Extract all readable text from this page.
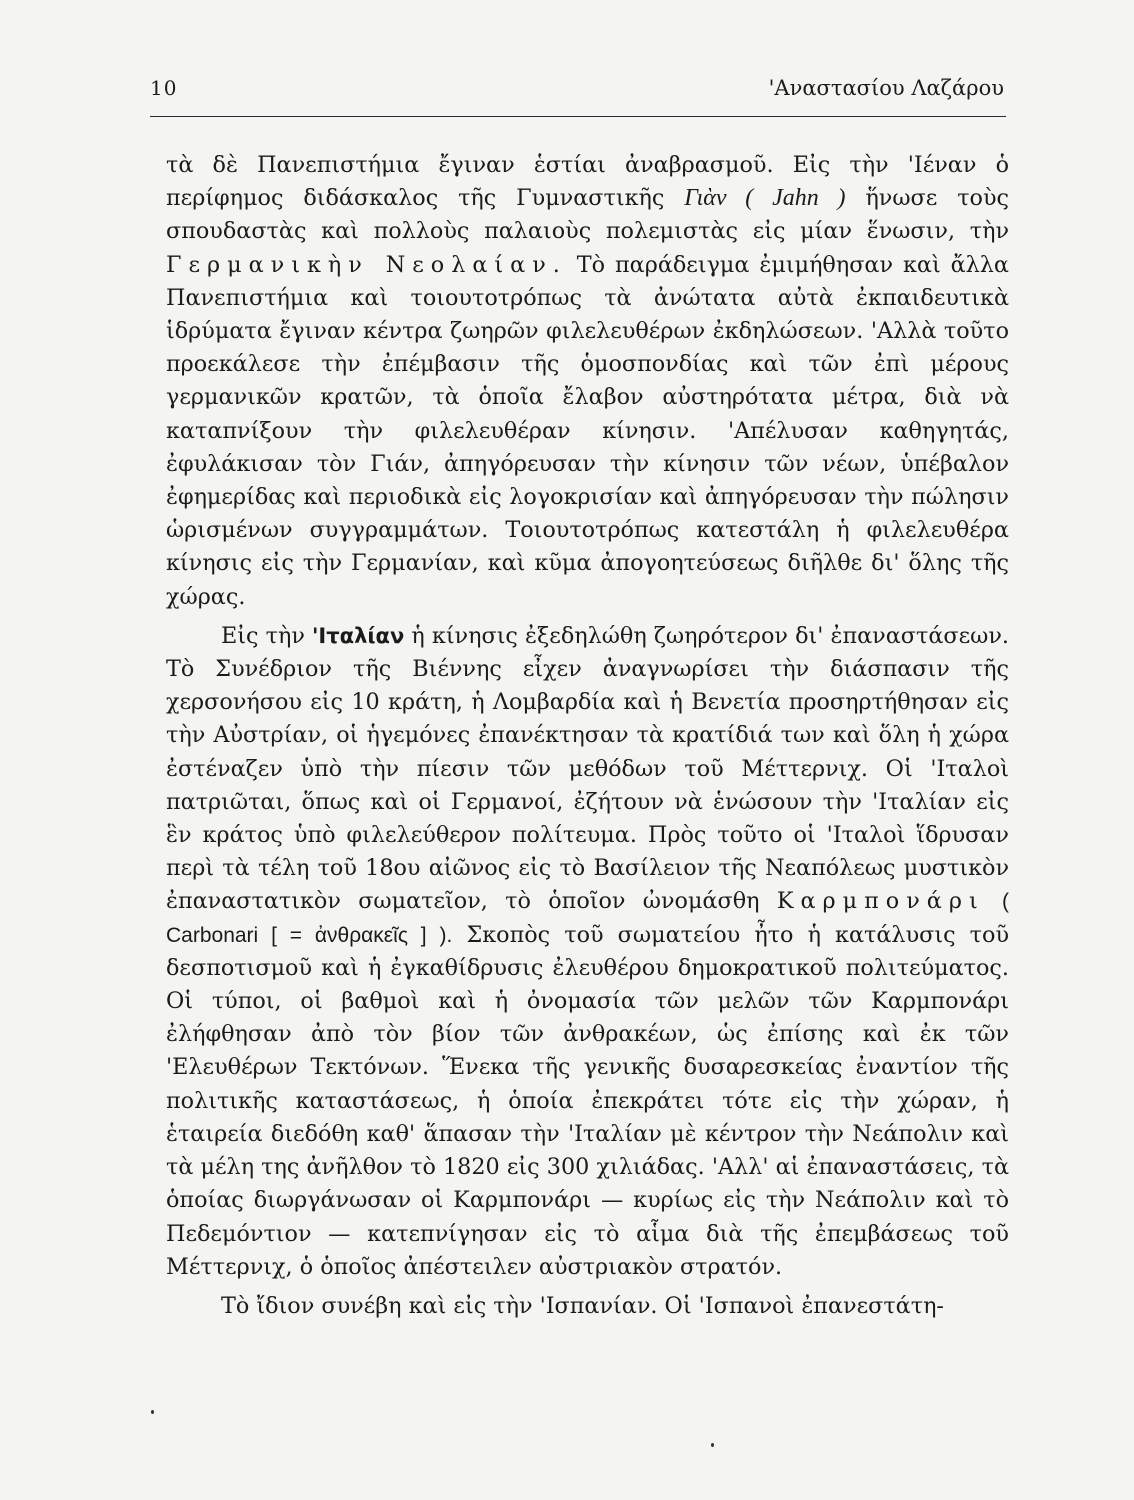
10	'Αναστασίου Λαζάρου

τὰ δὲ Πανεπιστήμια ἔγιναν ἑστίαι ἀναβρασμοῦ. Εἰς τὴν 'Ιέναν ὁ περίφημος διδάσκαλος τῆς Γυμναστικῆς Γιὰν ( Jahn ) ἥνωσε τοὺς σπουδαστὰς καὶ πολλοὺς παλαιοὺς πολεμιστὰς εἰς μίαν ἕνωσιν, τὴν Γερμανικὴν Νεολαίαν. Τὸ παράδειγμα ἐμιμήθησαν καὶ ἄλλα Πανεπιστήμια καὶ τοιουτοτρόπως τὰ ἀνώτατα αὐτὰ ἐκπαιδευτικὰ ἱδρύματα ἔγιναν κέντρα ζωηρῶν φιλελευθέρων ἐκδηλώσεων. 'Αλλὰ τοῦτο προεκάλεσε τὴν ἐπέμβασιν τῆς ὁμοσπονδίας καὶ τῶν ἐπὶ μέρους γερμανικῶν κρατῶν, τὰ ὁποῖα ἔλαβον αὐστηρότατα μέτρα, διὰ νὰ καταπνίξουν τὴν φιλελευθέραν κίνησιν. 'Απέλυσαν καθηγητάς, ἐφυλάκισαν τὸν Γιάν, ἀπηγόρευσαν τὴν κίνησιν τῶν νέων, ὑπέβαλον ἐφημερίδας καὶ περιοδικὰ εἰς λογοκρισίαν καὶ ἀπηγόρευσαν τὴν πώλησιν ὡρισμένων συγγραμμάτων. Τοιουτοτρόπως κατεστάλη ἡ φιλελευθέρα κίνησις εἰς τὴν Γερμανίαν, καὶ κῦμα ἀπογοητεύσεως διῆλθε δι' ὅλης τῆς χώρας.

Εἰς τὴν 'Ιταλίαν ἡ κίνησις ἐξεδηλώθη ζωηρότερον δι' ἐπαναστάσεων. Τὸ Συνέδριον τῆς Βιέννης εἶχεν ἀναγνωρίσει τὴν διάσπασιν τῆς χερσονήσου εἰς 10 κράτη, ἡ Λομβαρδία καὶ ἡ Βενετία προσηρτήθησαν εἰς τὴν Αὐστρίαν, οἱ ἡγεμόνες ἐπανέκτησαν τὰ κρατίδιά των καὶ ὅλη ἡ χώρα ἐστέναζεν ὑπὸ τὴν πίεσιν τῶν μεθόδων τοῦ Μέττερνιχ. Οἱ 'Ιταλοὶ πατριῶται, ὅπως καὶ οἱ Γερμανοί, ἐζήτουν νὰ ἑνώσουν τὴν 'Ιταλίαν εἰς ἓν κράτος ὑπὸ φιλελεύθερον πολίτευμα. Πρὸς τοῦτο οἱ 'Ιταλοὶ ἵδρυσαν περὶ τὰ τέλη τοῦ 18ου αἰῶνος εἰς τὸ Βασίλειον τῆς Νεαπόλεως μυστικὸν ἐπαναστατικὸν σωματεῖον, τὸ ὁποῖον ὠνομάσθη Καρμπονάρι ( Carbonari [ = ἀνθρακεῖς ] ). Σκοπὸς τοῦ σωματείου ἦτο ἡ κατάλυσις τοῦ δεσποτισμοῦ καὶ ἡ ἐγκαθίδρυσις ἐλευθέρου δημοκρατικοῦ πολιτεύματος. Οἱ τύποι, οἱ βαθμοὶ καὶ ἡ ὀνομασία τῶν μελῶν τῶν Καρμπονάρι ἐλήφθησαν ἀπὸ τὸν βίον τῶν ἀνθρακέων, ὡς ἐπίσης καὶ ἐκ τῶν 'Ελευθέρων Τεκτόνων. Ἕνεκα τῆς γενικῆς δυσαρεσκείας ἐναντίον τῆς πολιτικῆς καταστάσεως, ἡ ὁποία ἐπεκράτει τότε εἰς τὴν χώραν, ἡ ἑταιρεία διεδόθη καθ' ἅπασαν τὴν 'Ιταλίαν μὲ κέντρον τὴν Νεάπολιν καὶ τὰ μέλη της ἀνῆλθον τὸ 1820 εἰς 300 χιλιάδας. 'Αλλ' αἱ ἐπαναστάσεις, τὰ ὁποίας διωργάνωσαν οἱ Καρμπονάρι — κυρίως εἰς τὴν Νεάπολιν καὶ τὸ Πεδεμόντιον — κατεπνίγησαν εἰς τὸ αἷμα διὰ τῆς ἐπεμβάσεως τοῦ Μέττερνιχ, ὁ ὁποῖος ἀπέστειλεν αὐστριακὸν στρατόν.

Τὸ ἴδιον συνέβη καὶ εἰς τὴν 'Ισπανίαν. Οἱ 'Ισπανοὶ ἐπανεστάτη-
